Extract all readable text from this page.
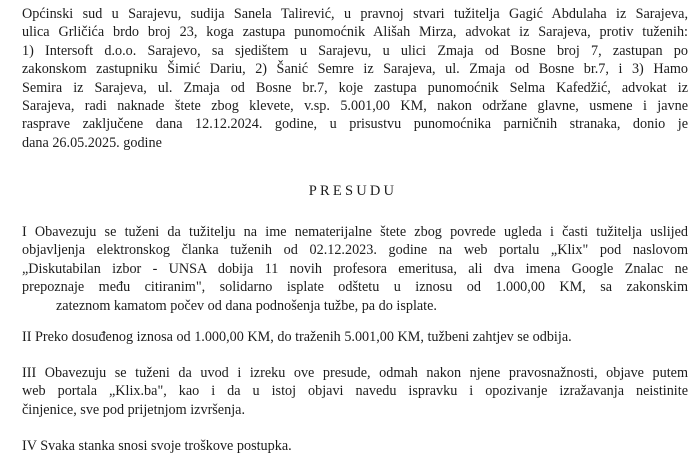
Općinski sud u Sarajevu, sudija Sanela Talirević, u pravnoj stvari tužitelja Gagić Abdulaha iz Sarajeva,
ulica Grličića brdo broj 23, koga zastupa punomoćnik Ališah Mirza, advokat iz Sarajeva, protiv tuženih:
1) Intersoft d.o.o. Sarajevo, sa sjedištem u Sarajevu, u ulici Zmaja od Bosne broj 7, zastupan po
zakonskom zastupniku Šimić Dariu, 2) Šanić Semre iz Sarajeva, ul. Zmaja od Bosne br.7, i 3) Hamo
Semira iz Sarajeva, ul. Zmaja od Bosne br.7, koje zastupa punomoćnik Selma Kafedžić, advokat iz
Sarajeva, radi naknade štete zbog klevete, v.sp. 5.001,00 KM, nakon održane glavne, usmene i javne
rasprave zaključene dana 12.12.2024. godine, u prisustvu punomoćnika parničnih stranaka, donio je
dana 26.05.2025. godine
PRESUDU
I Obavezuju se tuženi da tužitelju na ime nematerijalne štete zbog povrede ugleda i časti tužitelja uslijed
objavljenja elektronskog članka tuženih od 02.12.2023. godine na web portalu „Klix" pod naslovom
„Diskutabilan izbor - UNSA dobija 11 novih profesora emeritusa, ali dva imena Google Znalac ne
prepoznaje među citiranim", solidarno isplate odštetu u iznosu od 1.000,00 KM, sa zakonskim
zateznom kamatom počev od dana podnošenja tužbe, pa do isplate.
II Preko dosuđenog iznosa od 1.000,00 KM, do traženih 5.001,00 KM, tužbeni zahtjev se odbija.
III Obavezuju se tuženi da uvod i izreku ove presude, odmah nakon njene pravosnažnosti, objave putem
web portala „Klix.ba", kao i da u istoj objavi navedu ispravku i opozivanje izražavanja neistinite
činjenice, sve pod prijetnjom izvršenja.
IV Svaka stanka snosi svoje troškove postupka.
